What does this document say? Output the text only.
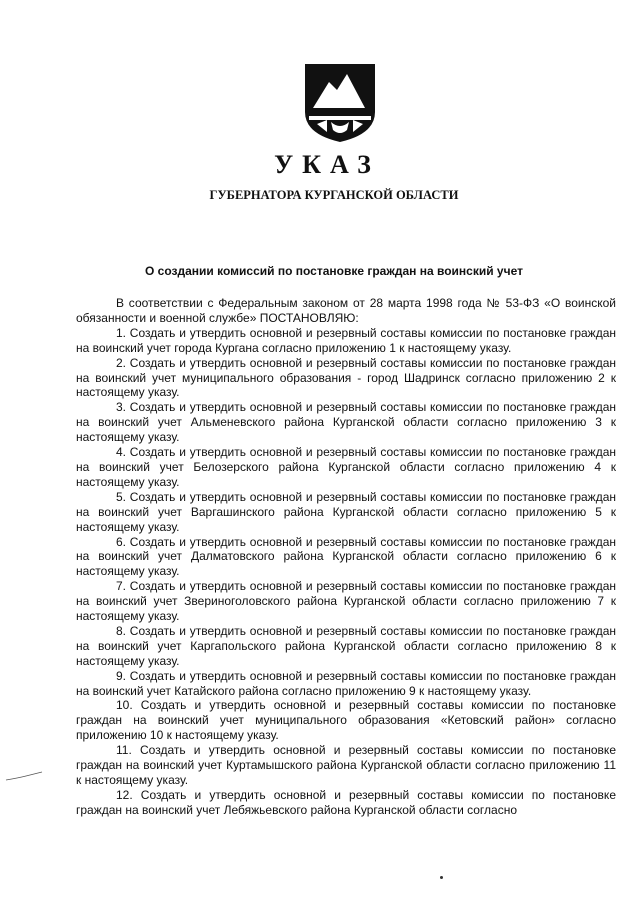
УКАЗ
ГУБЕРНАТОРА КУРГАНСКОЙ ОБЛАСТИ
О создании комиссий по постановке граждан на воинский учет

В соответствии с Федеральным законом от 28 марта 1998 года № 53-ФЗ «О воинской обязанности и военной службе» ПОСТАНОВЛЯЮ:

1. Создать и утвердить основной и резервный составы комиссии по постановке граждан на воинский учет города Кургана согласно приложению 1 к настоящему указу.

2. Создать и утвердить основной и резервный составы комиссии по постановке граждан на воинский учет муниципального образования - город Шадринск согласно приложению 2 к настоящему указу.

3. Создать и утвердить основной и резервный составы комиссии по постановке граждан на воинский учет Альменевского района Курганской области согласно приложению 3 к настоящему указу.

4. Создать и утвердить основной и резервный составы комиссии по постановке граждан на воинский учет Белозерского района Курганской области согласно приложению 4 к настоящему указу.

5. Создать и утвердить основной и резервный составы комиссии по постановке граждан на воинский учет Варгашинского района Курганской области согласно приложению 5 к настоящему указу.

6. Создать и утвердить основной и резервный составы комиссии по постановке граждан на воинский учет Далматовского района Курганской области согласно приложению 6 к настоящему указу.

7. Создать и утвердить основной и резервный составы комиссии по постановке граждан на воинский учет Звериноголовского района Курганской области согласно приложению 7 к настоящему указу.

8. Создать и утвердить основной и резервный составы комиссии по постановке граждан на воинский учет Каргапольского района Курганской области согласно приложению 8 к настоящему указу.

9. Создать и утвердить основной и резервный составы комиссии по постановке граждан на воинский учет Катайского района согласно приложению 9 к настоящему указу.

10. Создать и утвердить основной и резервный составы комиссии по постановке граждан на воинский учет муниципального образования «Кетовский район» согласно приложению 10 к настоящему указу.

11. Создать и утвердить основной и резервный составы комиссии по постановке граждан на воинский учет Куртамышского района Курганской области согласно приложению 11 к настоящему указу.

12. Создать и утвердить основной и резервный составы комиссии по постановке граждан на воинский учет Лебяжьевского района Курганской области согласно
